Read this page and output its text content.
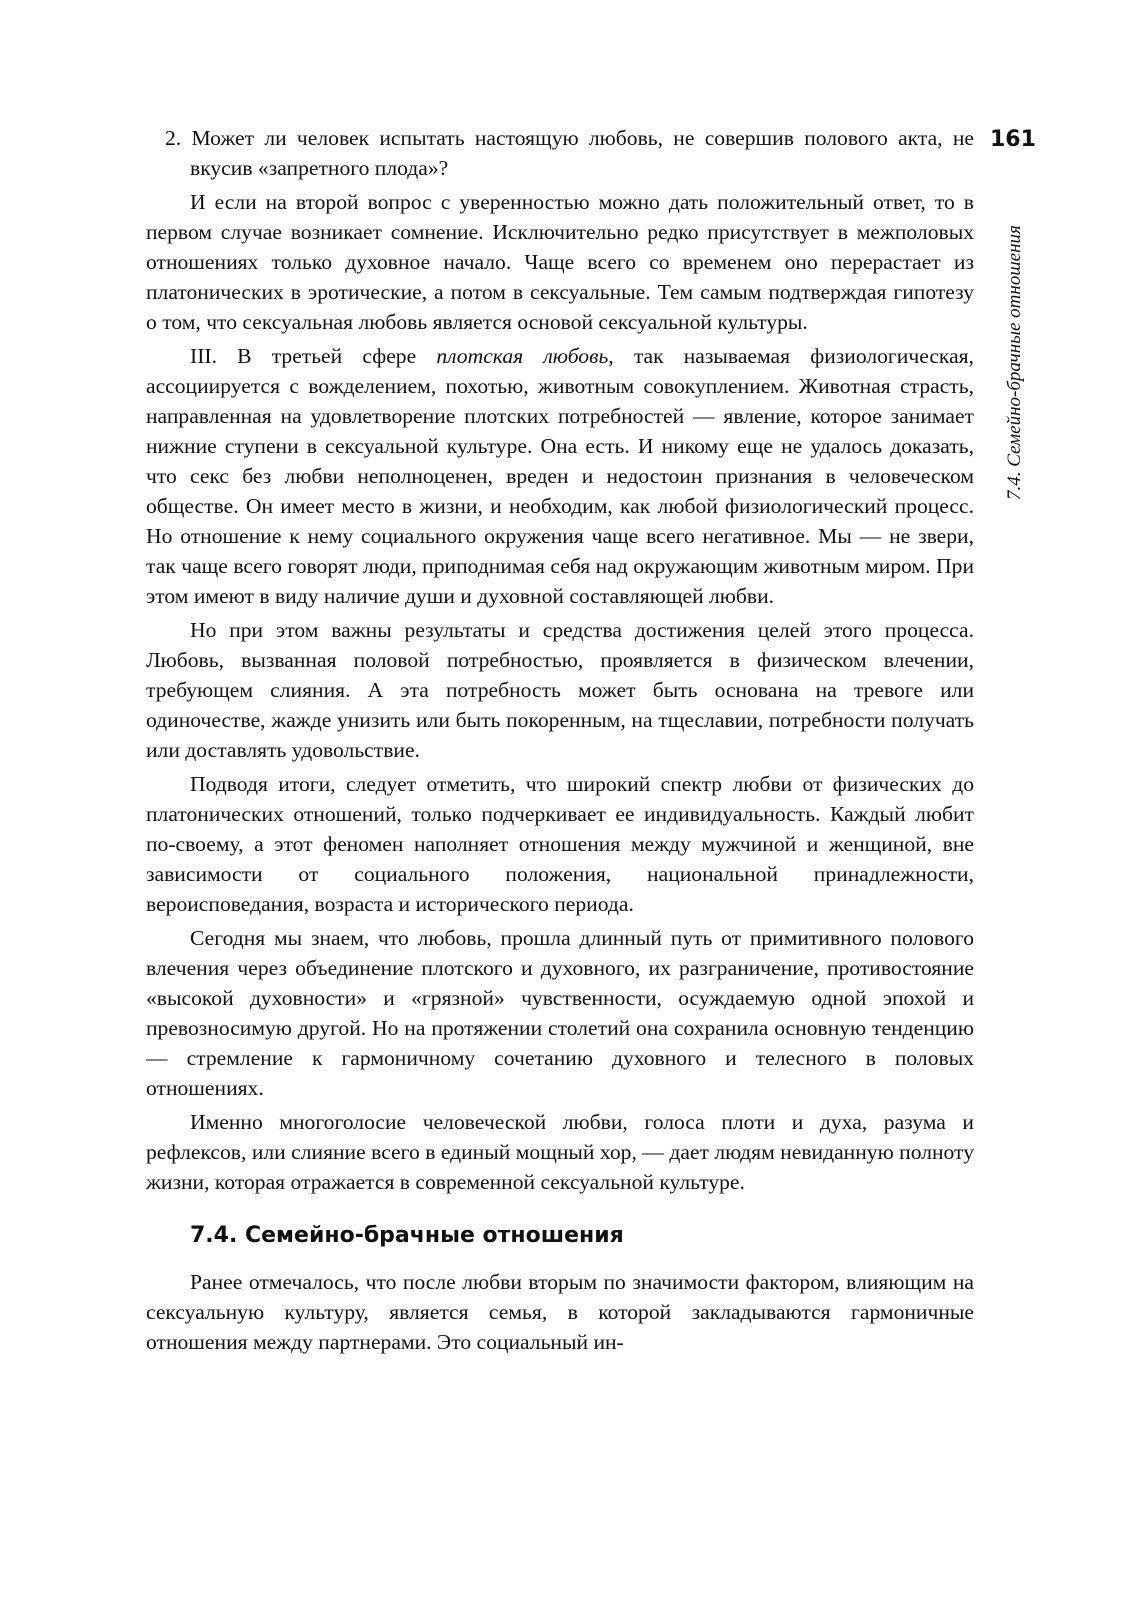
161
7.4. Семейно-брачные отношения

2. Может ли человек испытать настоящую любовь, не совершив полового акта, не вкусив «запретного плода»?

И если на второй вопрос с уверенностью можно дать положительный ответ, то в первом случае возникает сомнение. Исключительно редко присутствует в межполовых отношениях только духовное начало. Чаще всего со временем оно перерастает из платонических в эротические, а потом в сексуальные. Тем самым подтверждая гипотезу о том, что сексуальная любовь является основой сексуальной культуры.

III. В третьей сфере плотская любовь, так называемая физиологическая, ассоциируется с вожделением, похотью, животным совокуплением. Животная страсть, направленная на удовлетворение плотских потребностей — явление, которое занимает нижние ступени в сексуальной культуре. Она есть. И никому еще не удалось доказать, что секс без любви неполноценен, вреден и недостоин признания в человеческом обществе. Он имеет место в жизни, и необходим, как любой физиологический процесс. Но отношение к нему социального окружения чаще всего негативное. Мы — не звери, так чаще всего говорят люди, приподнимая себя над окружающим животным миром. При этом имеют в виду наличие души и духовной составляющей любви.

Но при этом важны результаты и средства достижения целей этого процесса. Любовь, вызванная половой потребностью, проявляется в физическом влечении, требующем слияния. А эта потребность может быть основана на тревоге или одиночестве, жажде унизить или быть покоренным, на тщеславии, потребности получать или доставлять удовольствие.

Подводя итоги, следует отметить, что широкий спектр любви от физических до платонических отношений, только подчеркивает ее индивидуальность. Каждый любит по-своему, а этот феномен наполняет отношения между мужчиной и женщиной, вне зависимости от социального положения, национальной принадлежности, вероисповедания, возраста и исторического периода.

Сегодня мы знаем, что любовь, прошла длинный путь от примитивного полового влечения через объединение плотского и духовного, их разграничение, противостояние «высокой духовности» и «грязной» чувственности, осуждаемую одной эпохой и превозносимую другой. Но на протяжении столетий она сохранила основную тенденцию — стремление к гармоничному сочетанию духовного и телесного в половых отношениях.

Именно многоголосие человеческой любви, голоса плоти и духа, разума и рефлексов, или слияние всего в единый мощный хор, — дает людям невиданную полноту жизни, которая отражается в современной сексуальной культуре.

7.4. Семейно-брачные отношения

Ранее отмечалось, что после любви вторым по значимости фактором, влияющим на сексуальную культуру, является семья, в которой закладываются гармоничные отношения между партнерами. Это социальный ин-
